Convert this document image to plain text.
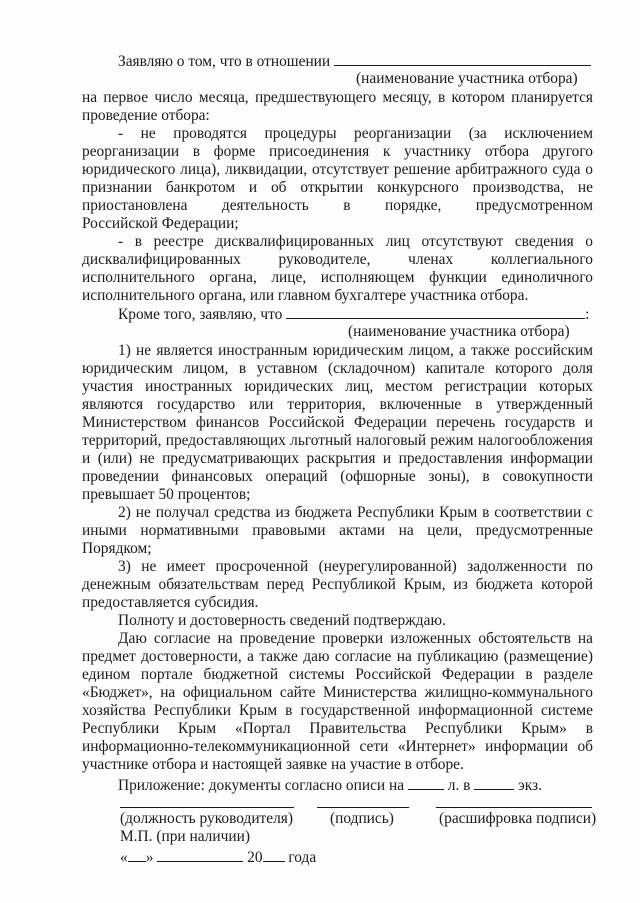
Заявляю о том, что в отношении
(наименование участника отбора)
на первое число месяца, предшествующего месяцу, в котором планируется
проведение отбора:
- не проводятся процедуры реорганизации (за исключением
реорганизации в форме присоединения к участнику отбора другого
юридического лица), ликвидации, отсутствует решение арбитражного суда о
признании банкротом и об открытии конкурсного производства, не
приостановлена деятельность в порядке, предусмотренном
Российской Федерации;
- в реестре дисквалифицированных лиц отсутствуют сведения о
дисквалифицированных руководителе, членах коллегиального
исполнительного органа, лице, исполняющем функции единоличного
исполнительного органа, или главном бухгалтере участника отбора.
Кроме того, заявляю, что	:
(наименование участника отбора)
1) не является иностранным юридическим лицом, а также российским
юридическим лицом, в уставном (складочном) капитале которого доля
участия иностранных юридических лиц, местом регистрации которых
являются государство или территория, включенные в утвержденный
Министерством финансов Российской Федерации перечень государств и
территорий, предоставляющих льготный налоговый режим налогообложения
и (или) не предусматривающих раскрытия и предоставления информации
проведении финансовых операций (офшорные зоны), в совокупности
превышает 50 процентов;
2) не получал средства из бюджета Республики Крым в соответствии с
иными нормативными правовыми актами на цели, предусмотренные
Порядком;
3) не имеет просроченной (неурегулированной) задолженности по
денежным обязательствам перед Республикой Крым, из бюджета которой
предоставляется субсидия.
Полноту и достоверность сведений подтверждаю.
Даю согласие на проведение проверки изложенных обстоятельств на
предмет достоверности, а также даю согласие на публикацию (размещение)
едином портале бюджетной системы Российской Федерации в разделе
«Бюджет», на официальном сайте Министерства жилищно-коммунального
хозяйства Республики Крым в государственной информационной системе
Республики Крым «Портал Правительства Республики Крым» в
информационно-телекоммуникационной сети «Интернет» информации об
участнике отбора и настоящей заявке на участие в отборе.
Приложение: документы согласно описи на	л. в	экз.
(должность руководителя) (подпись)	(расшифровка подписи)
М.П. (при наличии)
« »	20 года
